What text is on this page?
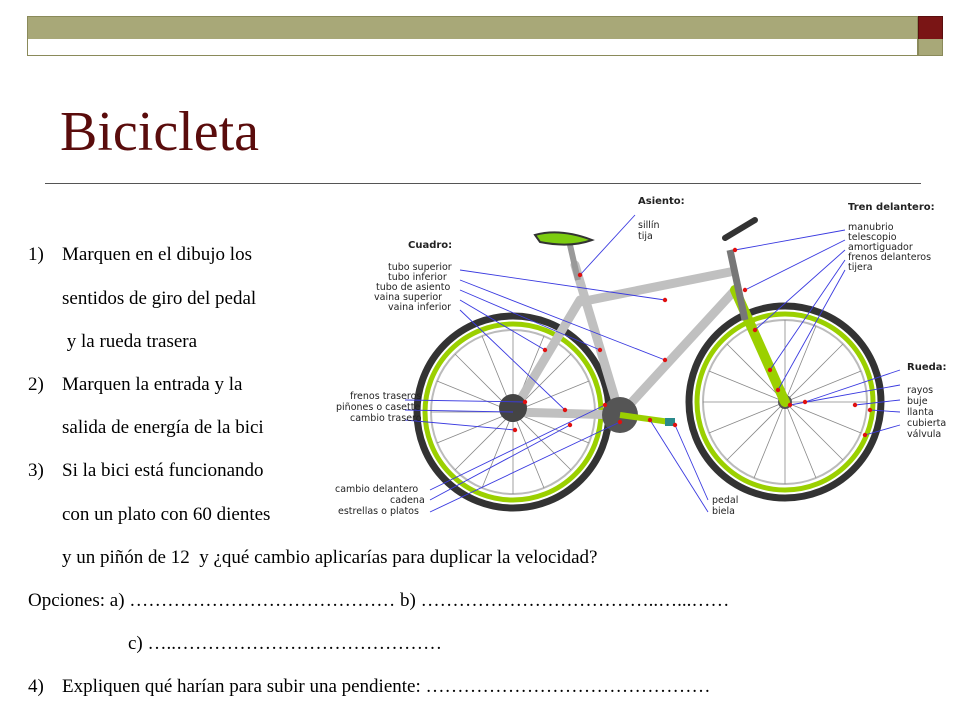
Bicicleta
Asiento:
sillín
tija
Cuadro:
tubo superior
tubo inferior
tubo de asiento
vaina superior
vaina inferior
Tren delantero:
manubrio
telescopio
amortiguador
frenos delanteros
tijera
Rueda:
rayos
buje
llanta
cubierta
válvula
frenos traseros
piñones o casette
cambio trasero
cambio delantero
cadena
estrellas o platos
pedal
biela
1) Marquen en el dibujo los
sentidos de giro del pedal
y la rueda trasera
2) Marquen la entrada y la
salida de energía de la bici
3) Si la bici está funcionando
con un plato con 60 dientes
y un piñón de 12  y ¿qué cambio aplicarías para duplicar la velocidad?
Opciones: a) …………………………………… b) ………………………………..…...……
c) …..……………………………………
4) Expliquen qué harían para subir una pendiente: ………………………………………
